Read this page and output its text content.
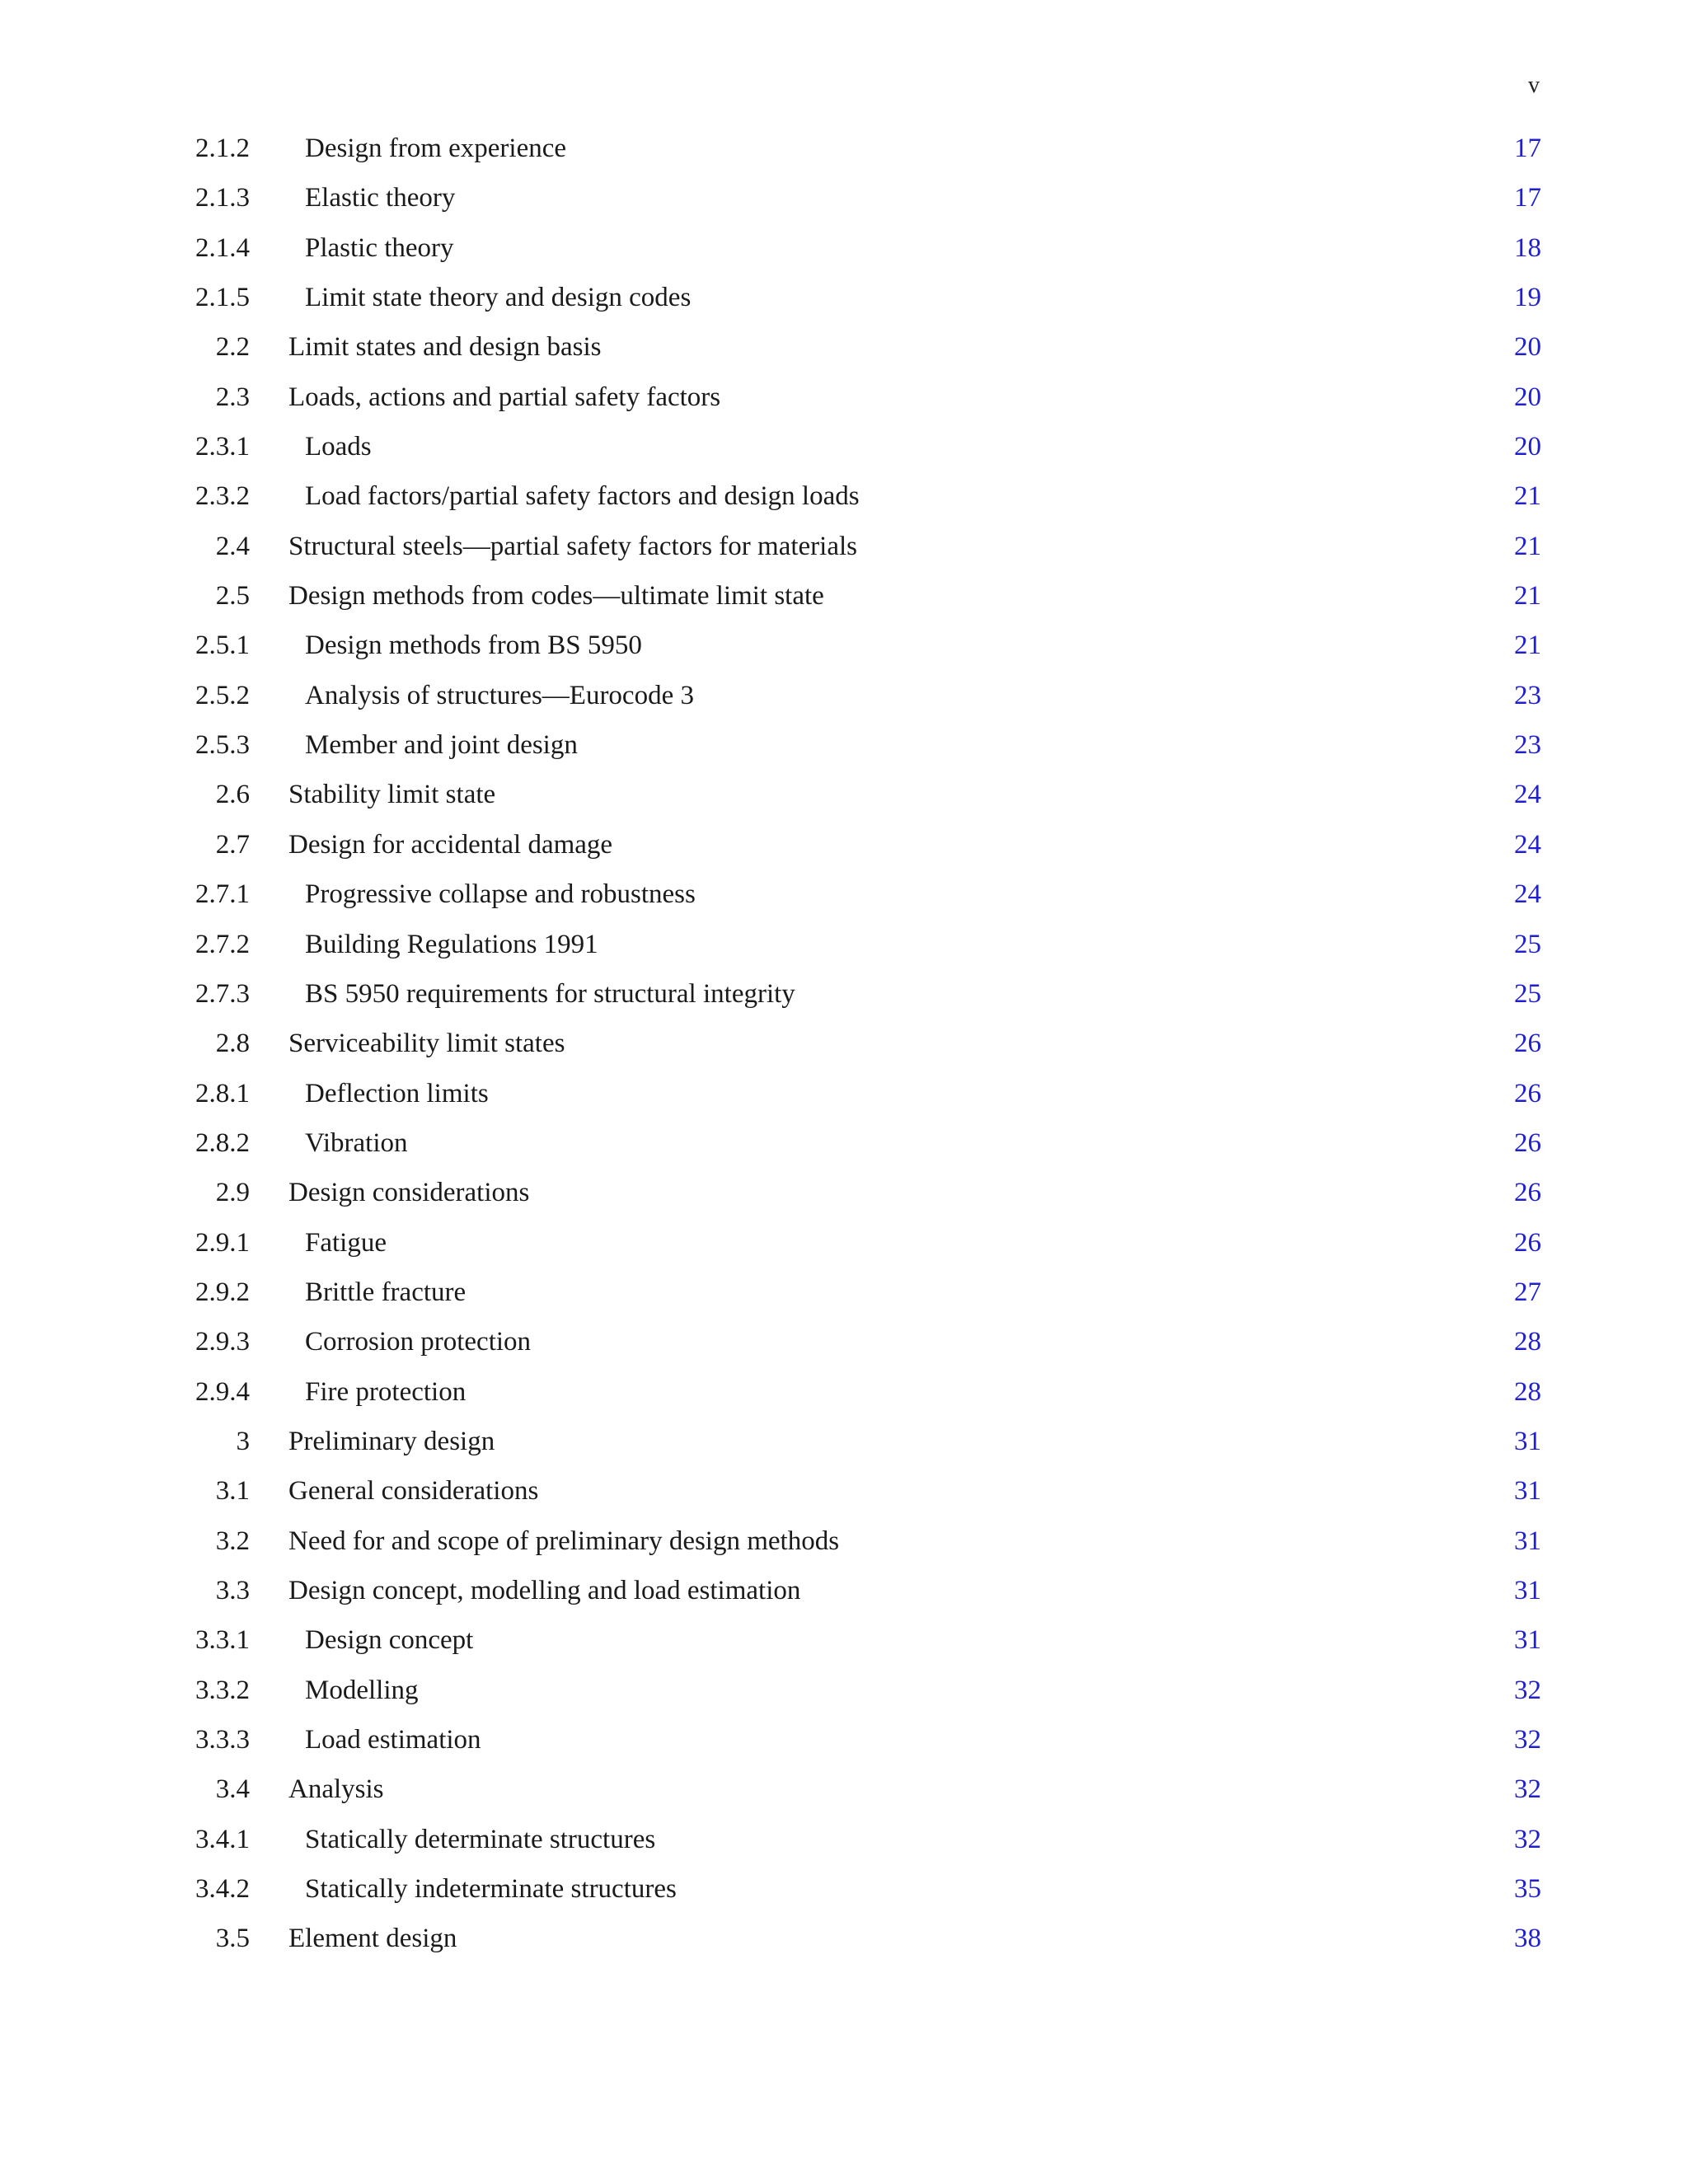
v
2.1.2 Design from experience	17
2.1.3 Elastic theory	17
2.1.4 Plastic theory	18
2.1.5 Limit state theory and design codes	19
2.2 Limit states and design basis	20
2.3 Loads, actions and partial safety factors	20
2.3.1 Loads	20
2.3.2 Load factors/partial safety factors and design loads	21
2.4 Structural steels—partial safety factors for materials	21
2.5 Design methods from codes—ultimate limit state	21
2.5.1 Design methods from BS 5950	21
2.5.2 Analysis of structures—Eurocode 3	23
2.5.3 Member and joint design	23
2.6 Stability limit state	24
2.7 Design for accidental damage	24
2.7.1 Progressive collapse and robustness	24
2.7.2 Building Regulations 1991	25
2.7.3 BS 5950 requirements for structural integrity	25
2.8 Serviceability limit states	26
2.8.1 Deflection limits	26
2.8.2 Vibration	26
2.9 Design considerations	26
2.9.1 Fatigue	26
2.9.2 Brittle fracture	27
2.9.3 Corrosion protection	28
2.9.4 Fire protection	28
3 Preliminary design	31
3.1 General considerations	31
3.2 Need for and scope of preliminary design methods	31
3.3 Design concept, modelling and load estimation	31
3.3.1 Design concept	31
3.3.2 Modelling	32
3.3.3 Load estimation	32
3.4 Analysis	32
3.4.1 Statically determinate structures	32
3.4.2 Statically indeterminate structures	35
3.5 Element design	38
